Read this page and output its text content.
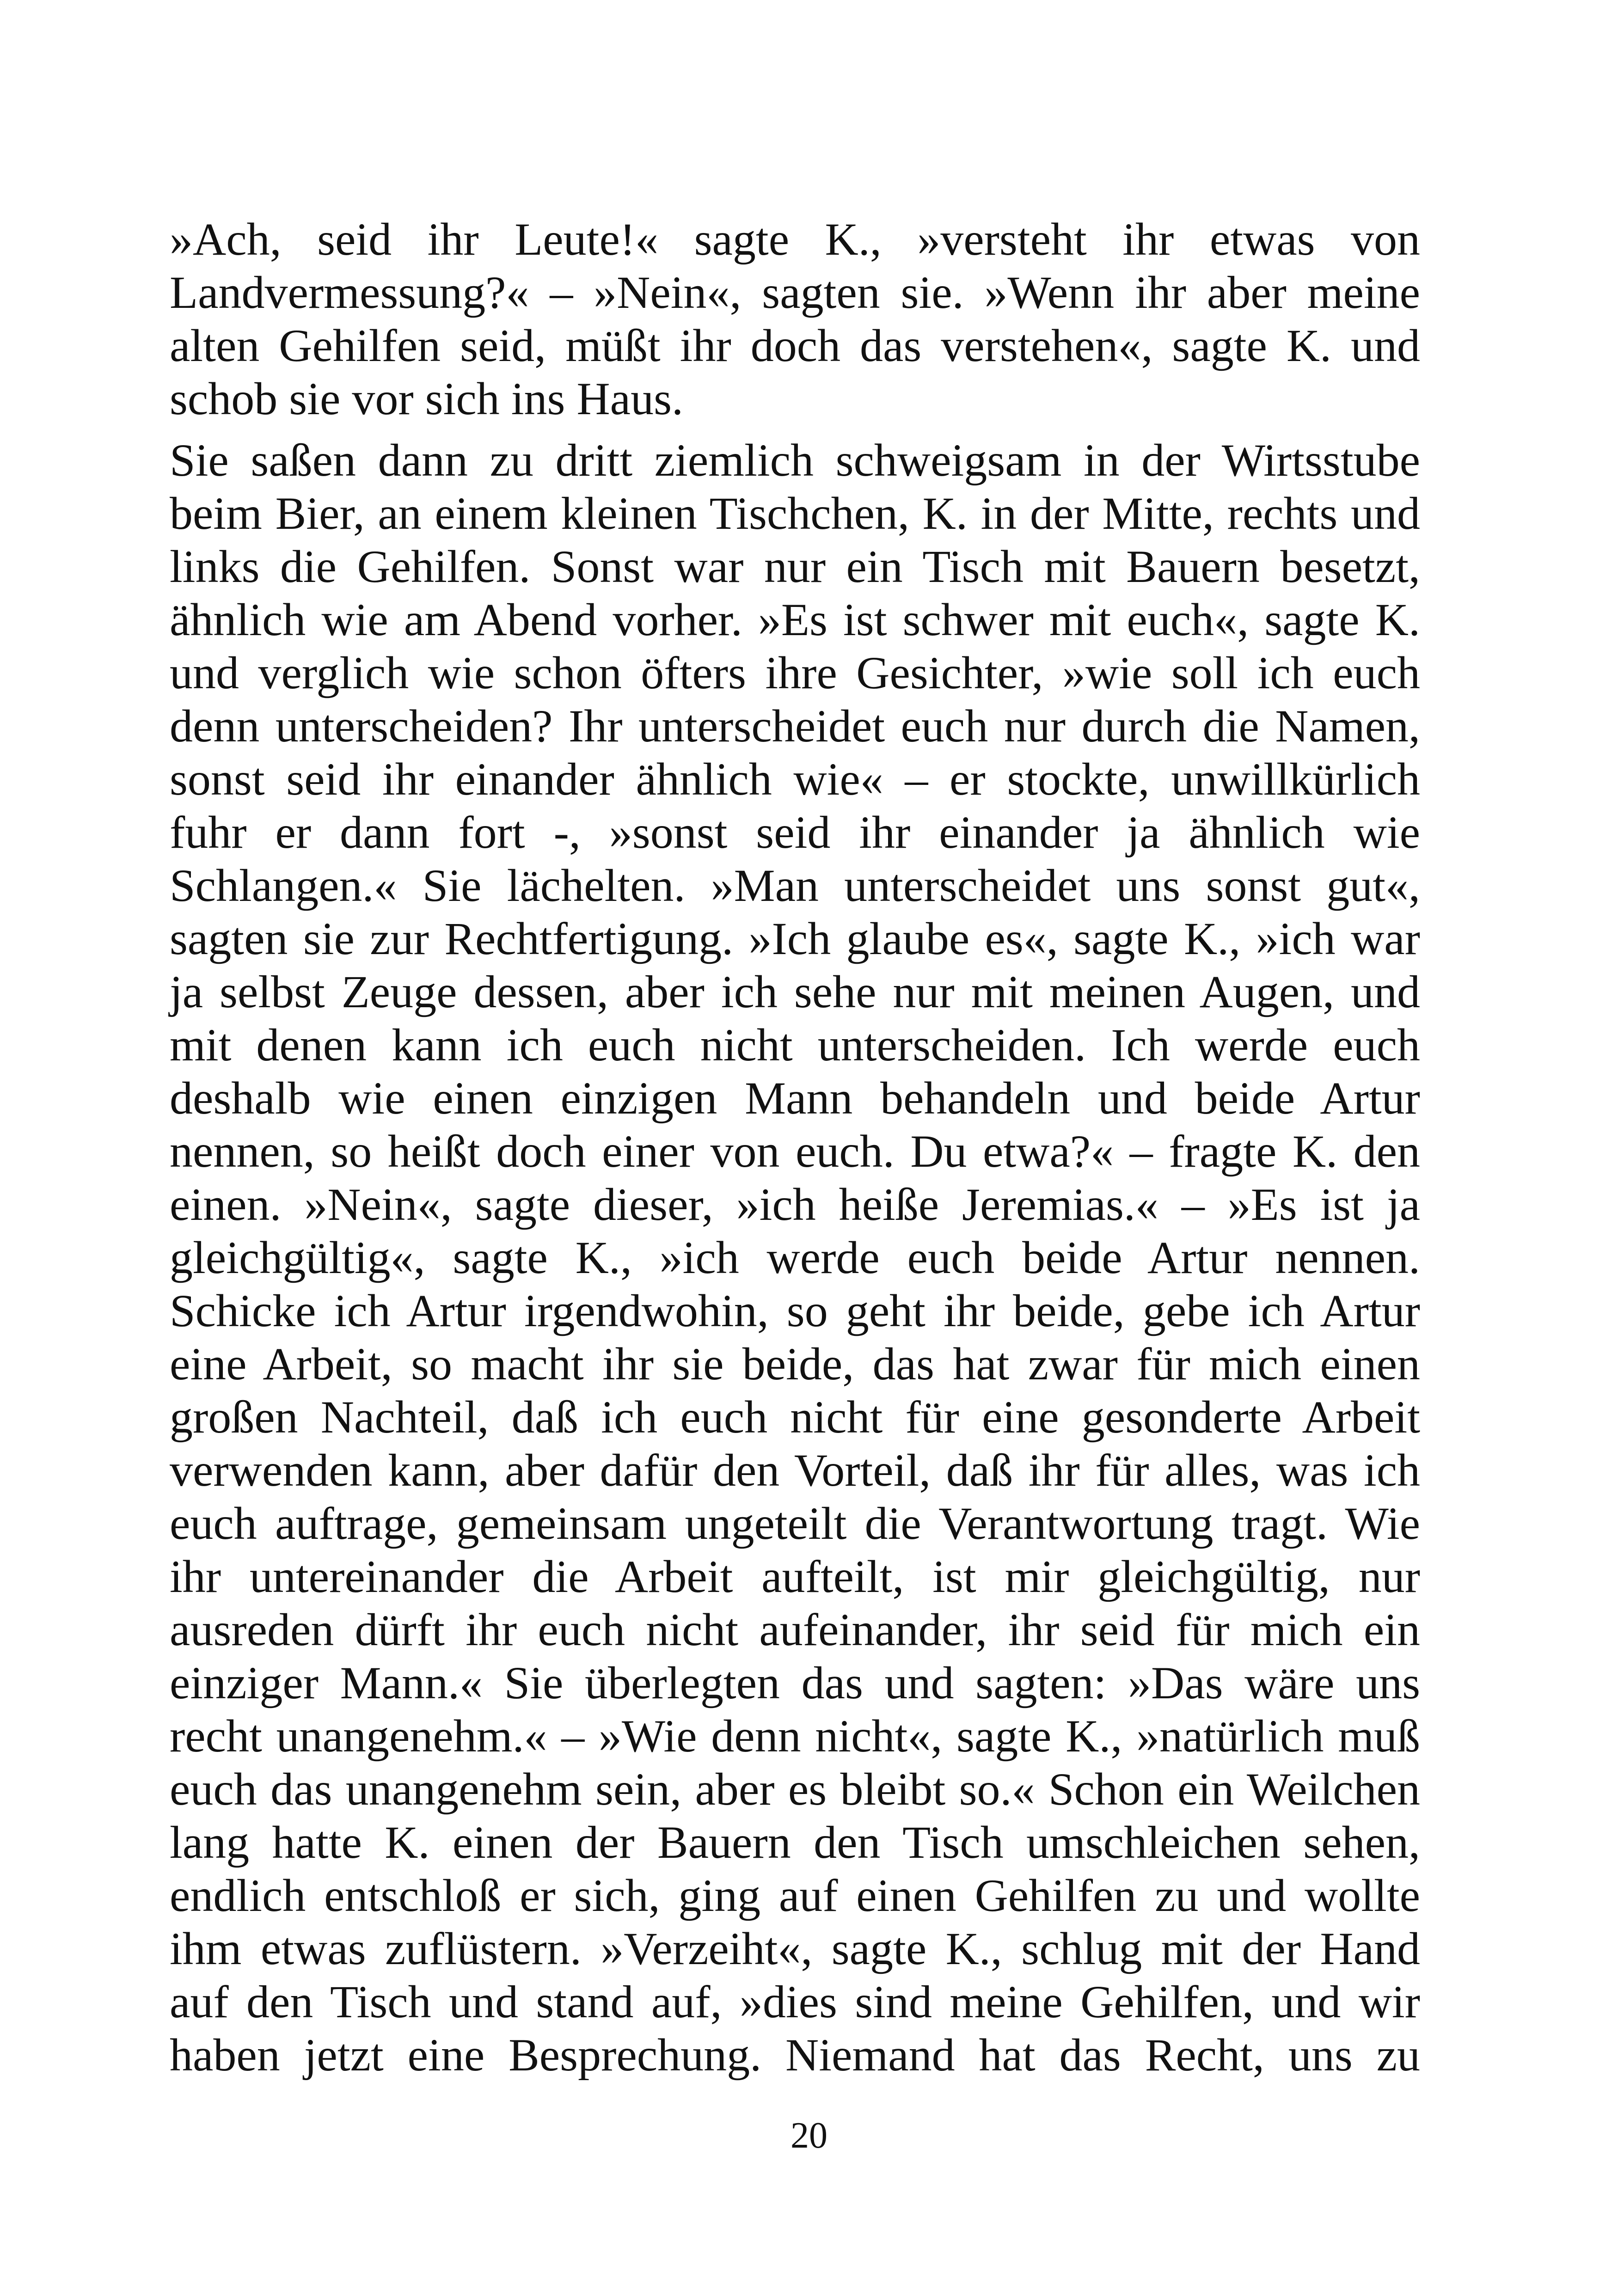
»Ach, seid ihr Leute!« sagte K., »versteht ihr etwas von
Landvermessung?« – »Nein«, sagten sie. »Wenn ihr aber meine
alten Gehilfen seid, müßt ihr doch das verstehen«, sagte K. und
schob sie vor sich ins Haus.
Sie saßen dann zu dritt ziemlich schweigsam in der Wirtsstube
beim Bier, an einem kleinen Tischchen, K. in der Mitte, rechts und
links die Gehilfen. Sonst war nur ein Tisch mit Bauern besetzt,
ähnlich wie am Abend vorher. »Es ist schwer mit euch«, sagte K.
und verglich wie schon öfters ihre Gesichter, »wie soll ich euch
denn unterscheiden? Ihr unterscheidet euch nur durch die Namen,
sonst seid ihr einander ähnlich wie« – er stockte, unwillkürlich
fuhr er dann fort -, »sonst seid ihr einander ja ähnlich wie
Schlangen.« Sie lächelten. »Man unterscheidet uns sonst gut«,
sagten sie zur Rechtfertigung. »Ich glaube es«, sagte K., »ich war
ja selbst Zeuge dessen, aber ich sehe nur mit meinen Augen, und
mit denen kann ich euch nicht unterscheiden. Ich werde euch
deshalb wie einen einzigen Mann behandeln und beide Artur
nennen, so heißt doch einer von euch. Du etwa?« – fragte K. den
einen. »Nein«, sagte dieser, »ich heiße Jeremias.« – »Es ist ja
gleichgültig«, sagte K., »ich werde euch beide Artur nennen.
Schicke ich Artur irgendwohin, so geht ihr beide, gebe ich Artur
eine Arbeit, so macht ihr sie beide, das hat zwar für mich einen
großen Nachteil, daß ich euch nicht für eine gesonderte Arbeit
verwenden kann, aber dafür den Vorteil, daß ihr für alles, was ich
euch auftrage, gemeinsam ungeteilt die Verantwortung tragt. Wie
ihr untereinander die Arbeit aufteilt, ist mir gleichgültig, nur
ausreden dürft ihr euch nicht aufeinander, ihr seid für mich ein
einziger Mann.« Sie überlegten das und sagten: »Das wäre uns
recht unangenehm.« – »Wie denn nicht«, sagte K., »natürlich muß
euch das unangenehm sein, aber es bleibt so.« Schon ein Weilchen
lang hatte K. einen der Bauern den Tisch umschleichen sehen,
endlich entschloß er sich, ging auf einen Gehilfen zu und wollte
ihm etwas zuflüstern. »Verzeiht«, sagte K., schlug mit der Hand
auf den Tisch und stand auf, »dies sind meine Gehilfen, und wir
haben jetzt eine Besprechung. Niemand hat das Recht, uns zu
20
